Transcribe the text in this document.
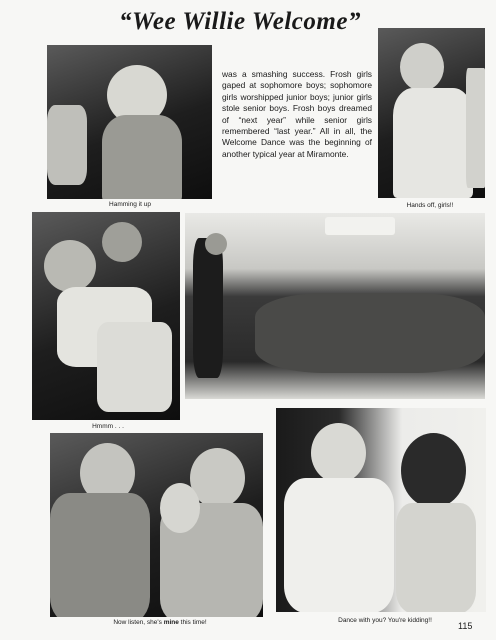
“Wee Willie Welcome”
Hamming it up
was a smashing success. Frosh girls gaped at sophomore boys; sophomore girls worshipped junior boys; junior girls stole senior boys. Frosh boys dreamed of “next year” while senior girls remembered “last year.” All in all, the Welcome Dance was the beginning of another typical year at Miramonte.
Hands off, girls!!
Hmmm . . .
Now listen, she's mine this time!	Dance with you? You're kidding!!
115
